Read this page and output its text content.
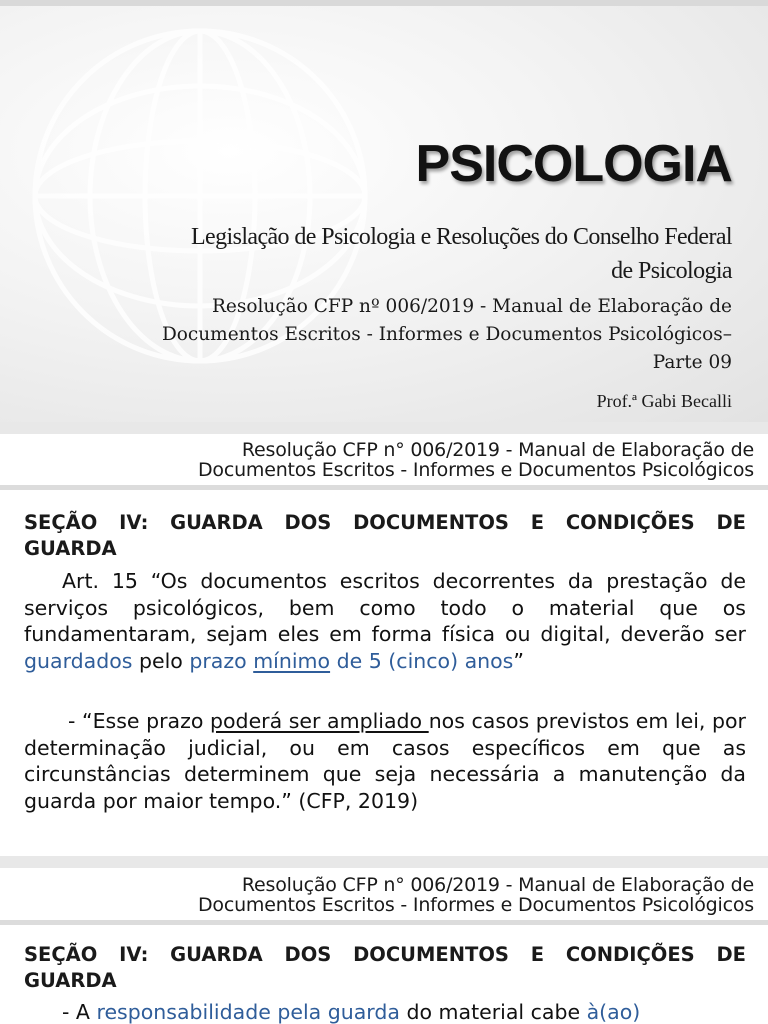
PSICOLOGIA
Legislação de Psicologia e Resoluções do Conselho Federal
de Psicologia
Resolução CFP nº 006/2019 - Manual de Elaboração de
Documentos Escritos - Informes e Documentos Psicológicos–
Parte 09
Prof.ª Gabi Becalli
Resolução CFP n° 006/2019 - Manual de Elaboração de
Documentos Escritos - Informes e Documentos Psicológicos
SEÇÃO IV: GUARDA DOS DOCUMENTOS E CONDIÇÕES DE GUARDA
Art. 15 “Os documentos escritos decorrentes da prestação de serviços psicológicos, bem como todo o material que os fundamentaram, sejam eles em forma física ou digital, deverão ser guardados pelo prazo mínimo de 5 (cinco) anos”
- “Esse prazo poderá ser ampliado nos casos previstos em lei, por determinação judicial, ou em casos específicos em que as circunstâncias determinem que seja necessária a manutenção da guarda por maior tempo.” (CFP, 2019)
Resolução CFP n° 006/2019 - Manual de Elaboração de
Documentos Escritos - Informes e Documentos Psicológicos
SEÇÃO IV: GUARDA DOS DOCUMENTOS E CONDIÇÕES DE GUARDA
- A responsabilidade pela guarda do material cabe à(ao)
